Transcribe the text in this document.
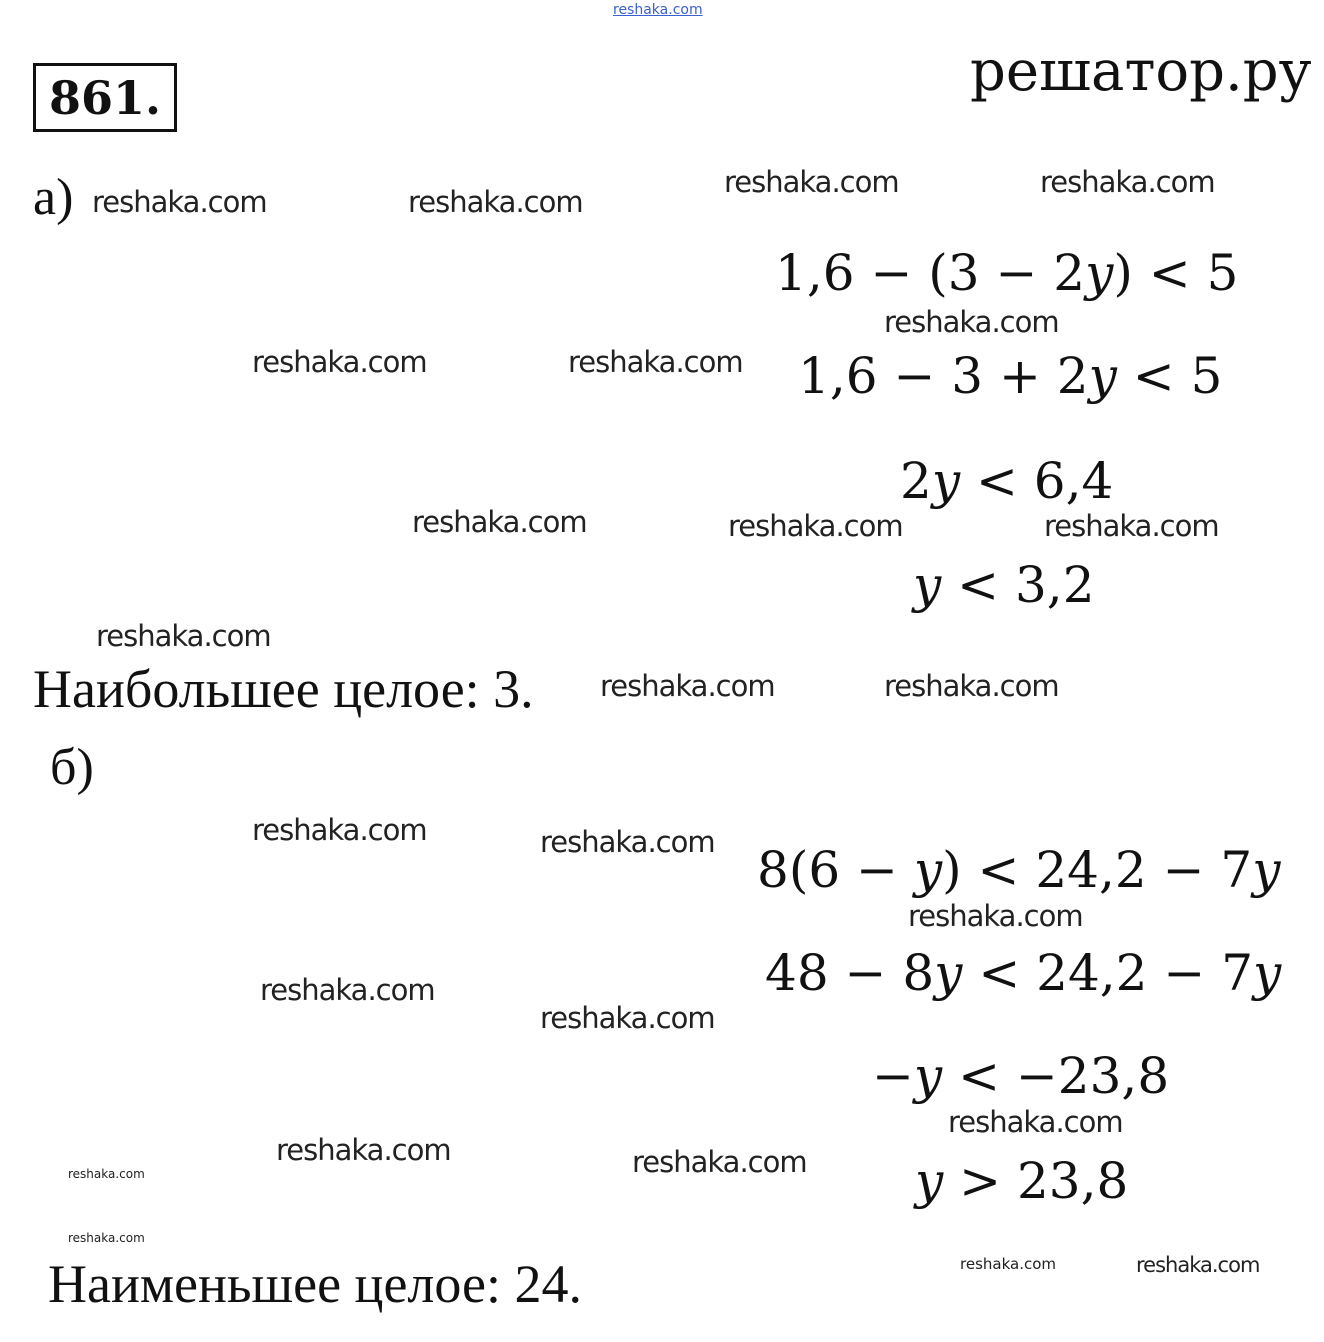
reshaka.com
861.	решатор.ру
а)
1,6 − (3 − 2y) < 5
1,6 − 3 + 2y < 5
2y < 6,4
y < 3,2
Наибольшее целое: 3.
б)
8(6 − y) < 24,2 − 7y
48 − 8y < 24,2 − 7y
−y < −23,8
y > 23,8
Наименьшее целое: 24.
reshaka.com	reshaka.com
reshaka.com	reshaka.com
reshaka.com	reshaka.com
reshaka.com
reshaka.com	reshaka.com	reshaka.com
reshaka.com
reshaka.com	reshaka.com
reshaka.com	reshaka.com
reshaka.com
reshaka.com
reshaka.com
reshaka.com
reshaka.com	reshaka.com
reshaka.com
reshaka.com
reshaka.com
reshaka.com
